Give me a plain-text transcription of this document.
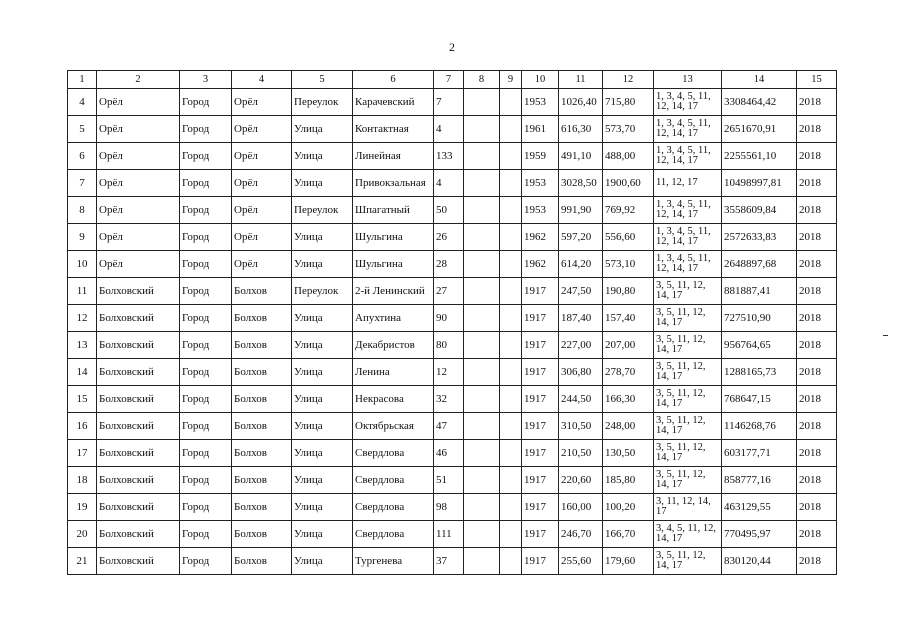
2
1	2	3	4	5	6	7	8	9	10	11	12	13	14	15
4	Орёл	Город	Орёл	Переулок	Карачевский	7			1953	1026,40	715,80	1, 3, 4, 5, 11, 12, 14, 17	3308464,42	2018
5	Орёл	Город	Орёл	Улица	Контактная	4			1961	616,30	573,70	1, 3, 4, 5, 11, 12, 14, 17	2651670,91	2018
6	Орёл	Город	Орёл	Улица	Линейная	133			1959	491,10	488,00	1, 3, 4, 5, 11, 12, 14, 17	2255561,10	2018
7	Орёл	Город	Орёл	Улица	Привокзальная	4			1953	3028,50	1900,60	11, 12, 17	10498997,81	2018
8	Орёл	Город	Орёл	Переулок	Шпагатный	50			1953	991,90	769,92	1, 3, 4, 5, 11, 12, 14, 17	3558609,84	2018
9	Орёл	Город	Орёл	Улица	Шульгина	26			1962	597,20	556,60	1, 3, 4, 5, 11, 12, 14, 17	2572633,83	2018
10	Орёл	Город	Орёл	Улица	Шульгина	28			1962	614,20	573,10	1, 3, 4, 5, 11, 12, 14, 17	2648897,68	2018
11	Болховский	Город	Болхов	Переулок	2-й Ленинский	27			1917	247,50	190,80	3, 5, 11, 12, 14, 17	881887,41	2018
12	Болховский	Город	Болхов	Улица	Апухтина	90			1917	187,40	157,40	3, 5, 11, 12, 14, 17	727510,90	2018
13	Болховский	Город	Болхов	Улица	Декабристов	80			1917	227,00	207,00	3, 5, 11, 12, 14, 17	956764,65	2018
14	Болховский	Город	Болхов	Улица	Ленина	12			1917	306,80	278,70	3, 5, 11, 12, 14, 17	1288165,73	2018
15	Болховский	Город	Болхов	Улица	Некрасова	32			1917	244,50	166,30	3, 5, 11, 12, 14, 17	768647,15	2018
16	Болховский	Город	Болхов	Улица	Октябрьская	47			1917	310,50	248,00	3, 5, 11, 12, 14, 17	1146268,76	2018
17	Болховский	Город	Болхов	Улица	Свердлова	46			1917	210,50	130,50	3, 5, 11, 12, 14, 17	603177,71	2018
18	Болховский	Город	Болхов	Улица	Свердлова	51			1917	220,60	185,80	3, 5, 11, 12, 14, 17	858777,16	2018
19	Болховский	Город	Болхов	Улица	Свердлова	98			1917	160,00	100,20	3, 11, 12, 14, 17	463129,55	2018
20	Болховский	Город	Болхов	Улица	Свердлова	111			1917	246,70	166,70	3, 4, 5, 11, 12, 14, 17	770495,97	2018
21	Болховский	Город	Болхов	Улица	Тургенева	37			1917	255,60	179,60	3, 5, 11, 12, 14, 17	830120,44	2018
